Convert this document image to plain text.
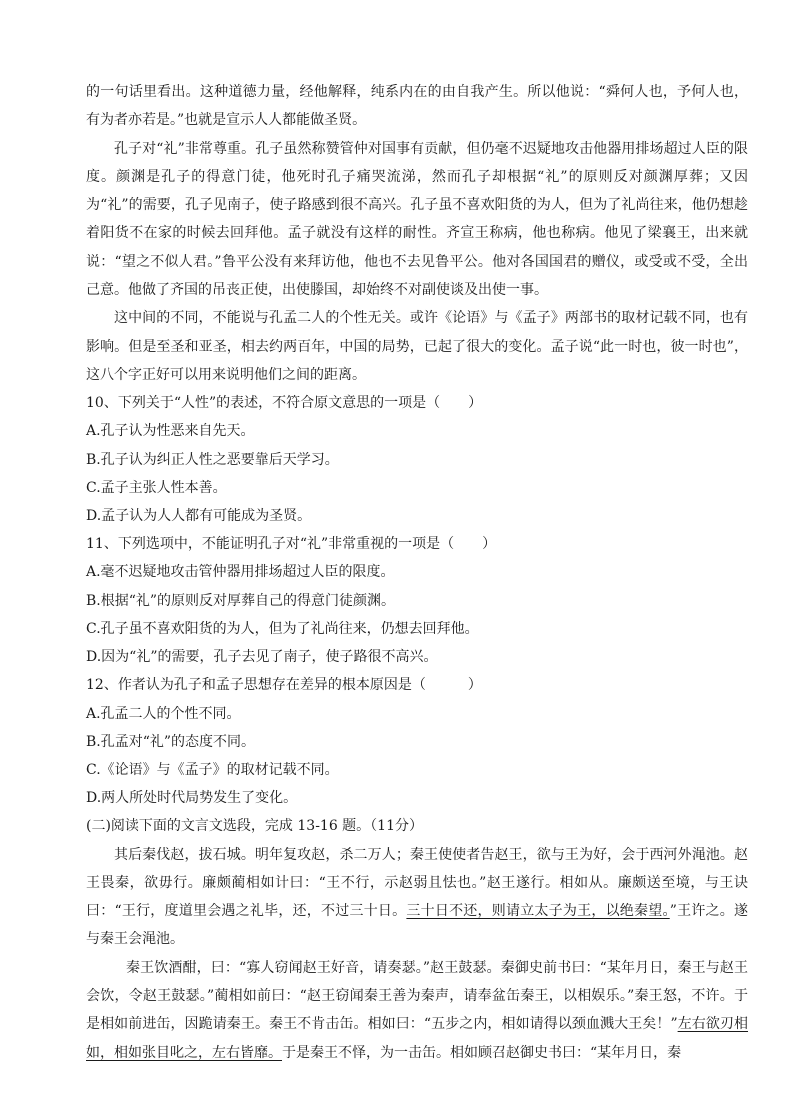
的一句话里看出。这种道德力量，经他解释，纯系内在的由自我产生。所以他说：“舜何人也，予何人也，有为者亦若是。”也就是宣示人人都能做圣贤。

孔子对“礼”非常尊重。孔子虽然称赞管仲对国事有贡献，但仍毫不迟疑地攻击他器用排场超过人臣的限度。颜渊是孔子的得意门徒，他死时孔子痛哭流涕，然而孔子却根据“礼”的原则反对颜渊厚葬；又因为“礼”的需要，孔子见南子，使子路感到很不高兴。孔子虽不喜欢阳货的为人，但为了礼尚往来，他仍想趁着阳货不在家的时候去回拜他。孟子就没有这样的耐性。齐宣王称病，他也称病。他见了梁襄王，出来就说：“望之不似人君。”鲁平公没有来拜访他，他也不去见鲁平公。他对各国国君的赠仪，或受或不受，全出己意。他做了齐国的吊丧正使，出使滕国，却始终不对副使谈及出使一事。

这中间的不同，不能说与孔孟二人的个性无关。或许《论语》与《孟子》两部书的取材记载不同，也有影响。但是至圣和亚圣，相去约两百年，中国的局势，已起了很大的变化。孟子说“此一时也，彼一时也”，这八个字正好可以用来说明他们之间的距离。

10、下列关于“人性”的表述，不符合原文意思的一项是（　　）

A.孔子认为性恶来自先天。

B.孔子认为纠正人性之恶要靠后天学习。

C.孟子主张人性本善。

D.孟子认为人人都有可能成为圣贤。

11、下列选项中，不能证明孔子对“礼”非常重视的一项是（　　）

A.毫不迟疑地攻击管仲器用排场超过人臣的限度。

B.根据“礼”的原则反对厚葬自己的得意门徒颜渊。

C.孔子虽不喜欢阳货的为人，但为了礼尚往来，仍想去回拜他。

D.因为“礼”的需要，孔子去见了南子，使子路很不高兴。

12、作者认为孔子和孟子思想存在差异的根本原因是（　　　）

A.孔孟二人的个性不同。

B.孔孟对“礼”的态度不同。

C.《论语》与《孟子》的取材记载不同。

D.两人所处时代局势发生了变化。

(二)阅读下面的文言文选段，完成 13-16 题。（11分）

其后秦伐赵，拔石城。明年复攻赵，杀二万人；秦王使使者告赵王，欲与王为好，会于西河外渑池。赵王畏秦，欲毋行。廉颇蔺相如计曰：“王不行，示赵弱且怯也。”赵王遂行。相如从。廉颇送至境，与王诀曰：“王行，度道里会遇之礼毕，还，不过三十日。三十日不还，则请立太子为王，以绝秦望。”王许之。遂与秦王会渑池。

秦王饮酒酣，曰：“寡人窃闻赵王好音，请奏瑟。”赵王鼓瑟。秦御史前书曰：“某年月日，秦王与赵王会饮，令赵王鼓瑟。”蔺相如前曰：“赵王窃闻秦王善为秦声，请奉盆缶秦王，以相娱乐。”秦王怒，不许。于是相如前进缶，因跪请秦王。秦王不肯击缶。相如曰：“五步之内，相如请得以颈血溅大王矣！”左右欲刃相如，相如张目叱之，左右皆靡。于是秦王不怿，为一击缶。相如顾召赵御史书曰：“某年月日，秦
